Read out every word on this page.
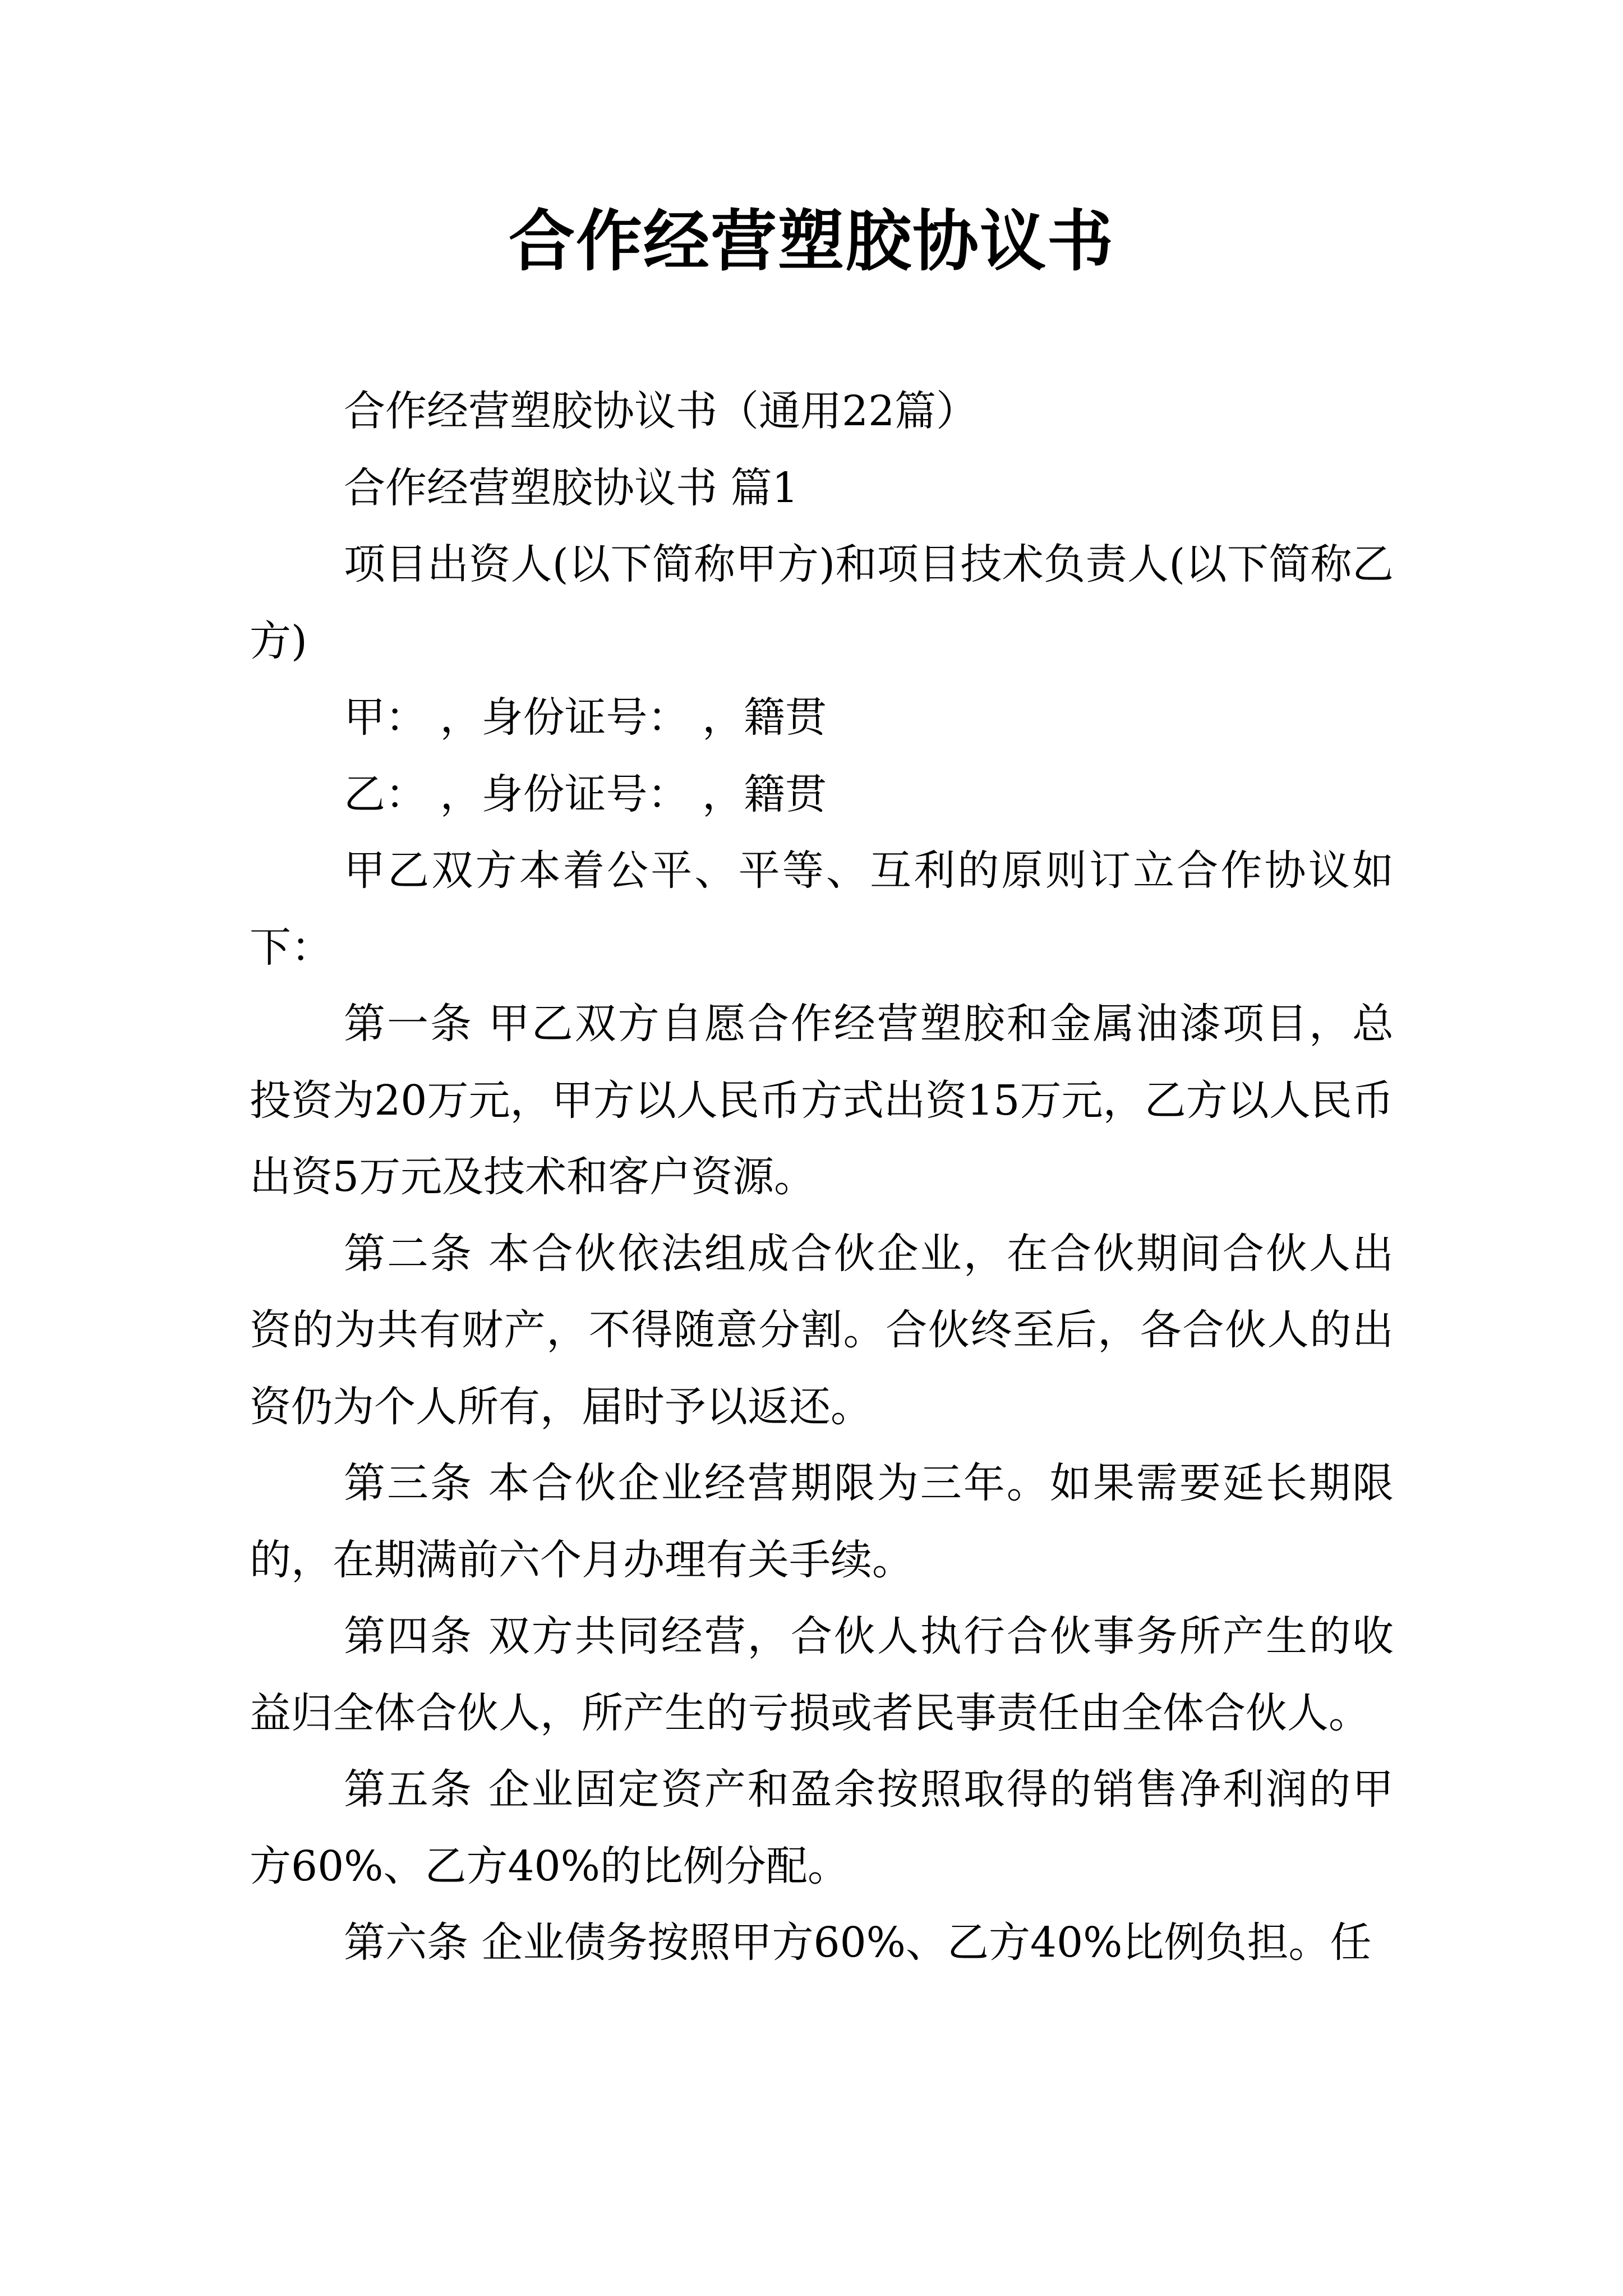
合作经营塑胶协议书

合作经营塑胶协议书（通用22篇）

合作经营塑胶协议书 篇1

项目出资人(以下简称甲方)和项目技术负责人(以下简称乙方)

甲： ，身份证号： ，籍贯

乙： ，身份证号： ，籍贯

甲乙双方本着公平、平等、互利的原则订立合作协议如下：

第一条 甲乙双方自愿合作经营塑胶和金属油漆项目，总投资为20万元，甲方以人民币方式出资15万元，乙方以人民币出资5万元及技术和客户资源。

第二条 本合伙依法组成合伙企业，在合伙期间合伙人出资的为共有财产，不得随意分割。合伙终至后，各合伙人的出资仍为个人所有，届时予以返还。

第三条 本合伙企业经营期限为三年。如果需要延长期限的，在期满前六个月办理有关手续。

第四条 双方共同经营，合伙人执行合伙事务所产生的收益归全体合伙人，所产生的亏损或者民事责任由全体合伙人。

第五条 企业固定资产和盈余按照取得的销售净利润的甲方60%、乙方40%的比例分配。

第六条 企业债务按照甲方60%、乙方40%比例负担。任
